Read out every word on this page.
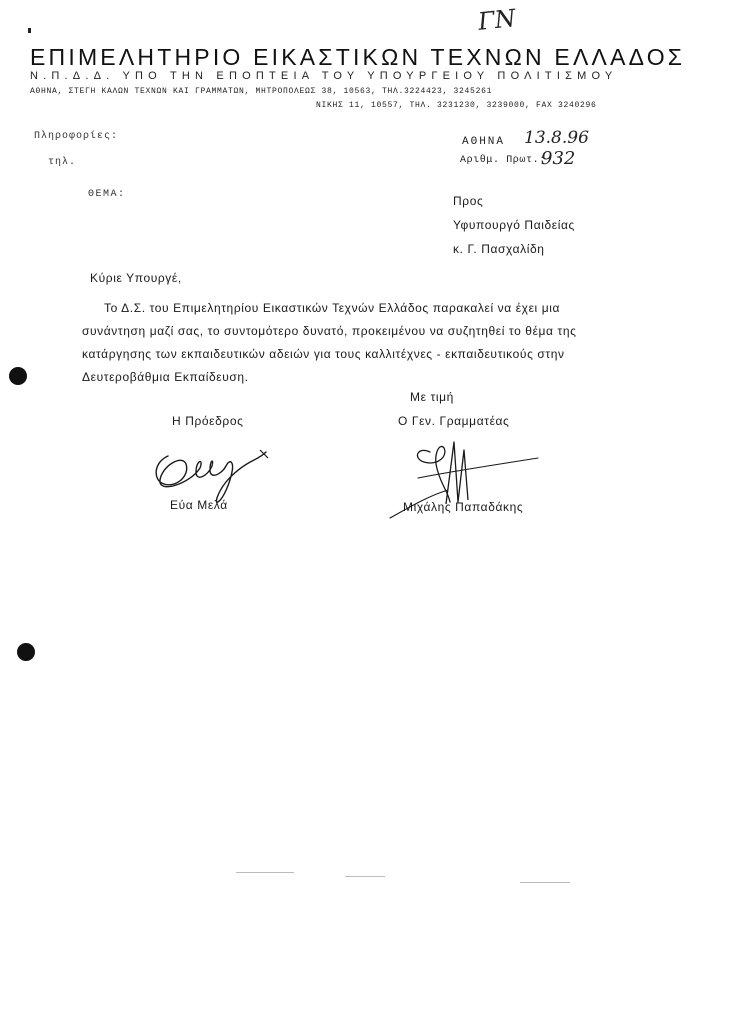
ΓΝ
ΕΠΙΜΕΛΗΤΗΡΙΟ ΕΙΚΑΣΤΙΚΩΝ ΤΕΧΝΩΝ ΕΛΛΑΔΟΣ
Ν.Π.Δ.Δ. ΥΠΟ ΤΗΝ ΕΠΟΠΤΕΙΑ ΤΟΥ ΥΠΟΥΡΓΕΙΟΥ ΠΟΛΙΤΙΣΜΟΥ
ΑΘΗΝΑ, ΣΤΕΓΗ ΚΑΛΩΝ ΤΕΧΝΩΝ ΚΑΙ ΓΡΑΜΜΑΤΩΝ, ΜΗΤΡΟΠΟΛΕΩΣ 38, 10563, ΤΗΛ.3224423, 3245261
ΝΙΚΗΣ 11, 10557, ΤΗΛ. 3231230, 3239000, FAX 3240296
Πληροφορίες:
τηλ.
ΘΕΜΑ:
ΑΘΗΝΑ 13.8.96
Αριθμ. Πρωτ.:
932
Προς
Υφυπουργό Παιδείας
κ. Γ. Πασχαλίδη
Κύριε Υπουργέ,
Το Δ.Σ. του Επιμελητηρίου Εικαστικών Τεχνών Ελλάδος παρακαλεί να έχει μια
συνάντηση μαζί σας, το συντομότερο δυνατό, προκειμένου να συζητηθεί το θέμα της
κατάργησης των εκπαιδευτικών αδειών για τους καλλιτέχνες - εκπαιδευτικούς στην
Δευτεροβάθμια Εκπαίδευση.
Με τιμή
Η Πρόεδρος	Ο Γεν. Γραμματέας
Εύα Μελά	Μιχάλης Παπαδάκης
